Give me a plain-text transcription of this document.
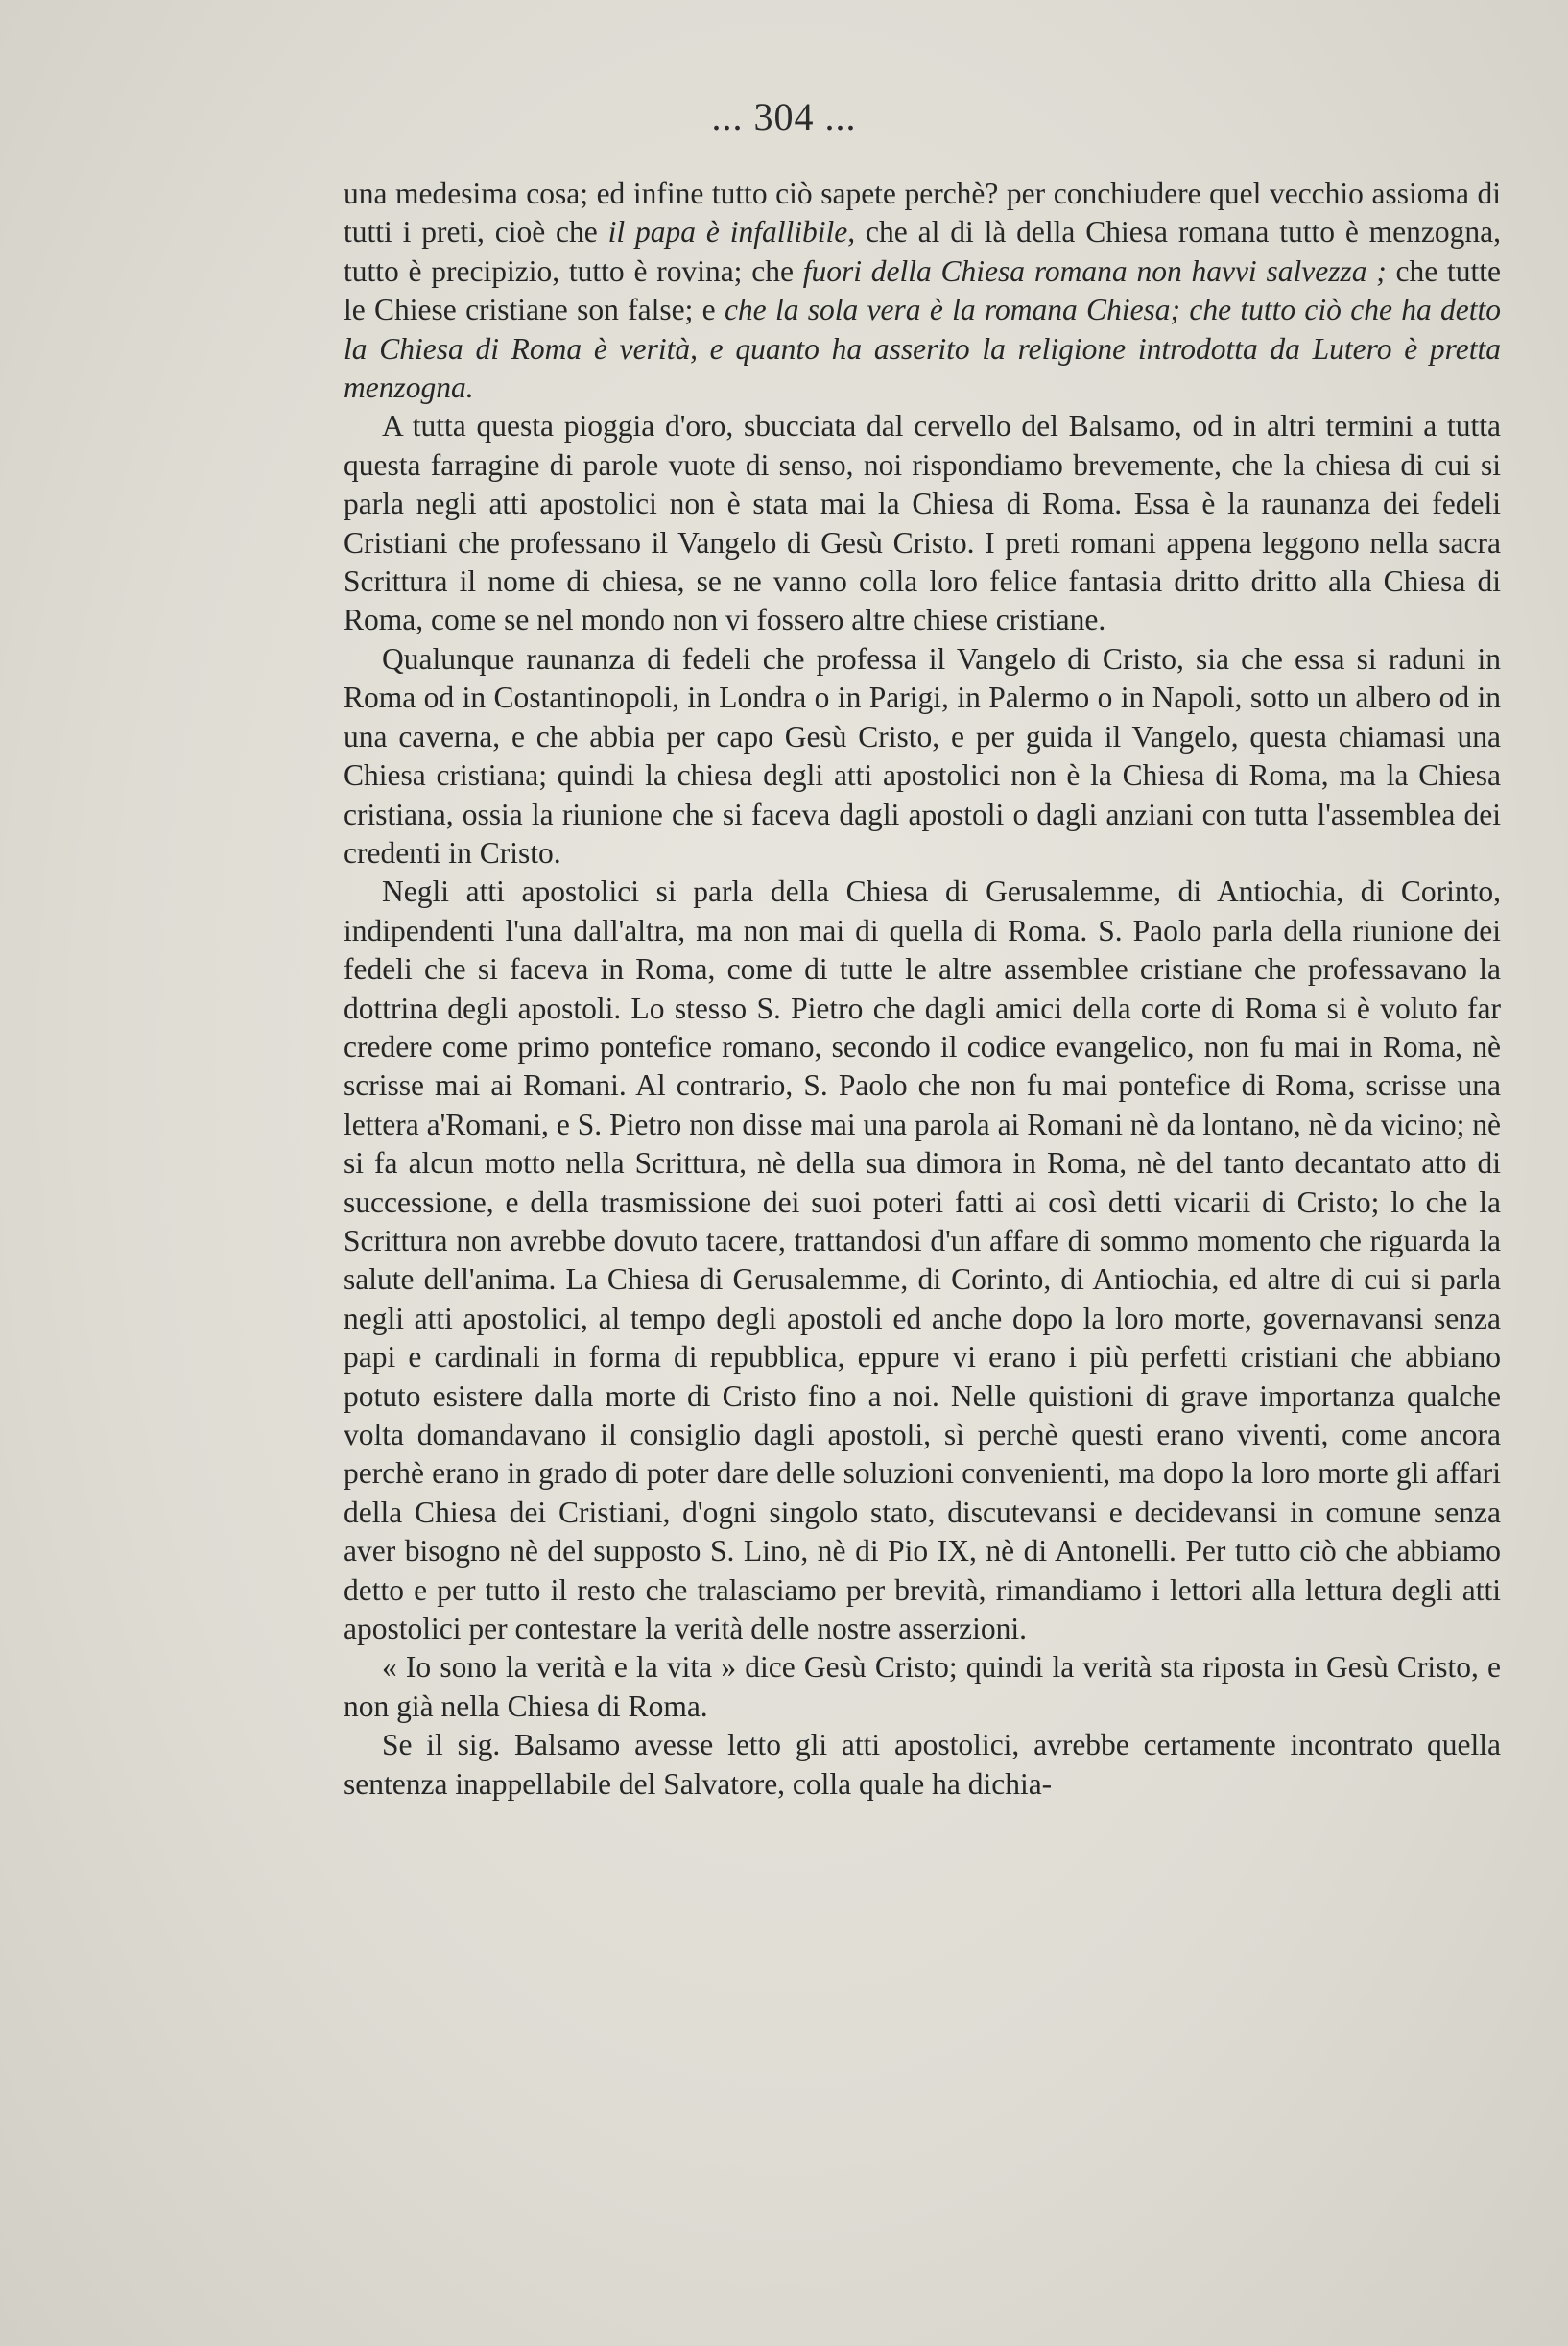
... 304 ...

una medesima cosa; ed infine tutto ciò sapete perchè? per conchiudere quel vecchio assioma di tutti i preti, cioè che il papa è infallibile, che al di là della Chiesa romana tutto è menzogna, tutto è precipizio, tutto è rovina; che fuori della Chiesa romana non havvi salvezza ; che tutte le Chiese cristiane son false; e che la sola vera è la romana Chiesa; che tutto ciò che ha detto la Chiesa di Roma è verità, e quanto ha asserito la religione introdotta da Lutero è pretta menzogna.

A tutta questa pioggia d'oro, sbucciata dal cervello del Balsamo, od in altri termini a tutta questa farragine di parole vuote di senso, noi rispondiamo brevemente, che la chiesa di cui si parla negli atti apostolici non è stata mai la Chiesa di Roma. Essa è la raunanza dei fedeli Cristiani che professano il Vangelo di Gesù Cristo. I preti romani appena leggono nella sacra Scrittura il nome di chiesa, se ne vanno colla loro felice fantasia dritto dritto alla Chiesa di Roma, come se nel mondo non vi fossero altre chiese cristiane.

Qualunque raunanza di fedeli che professa il Vangelo di Cristo, sia che essa si raduni in Roma od in Costantinopoli, in Londra o in Parigi, in Palermo o in Napoli, sotto un albero od in una caverna, e che abbia per capo Gesù Cristo, e per guida il Vangelo, questa chiamasi una Chiesa cristiana; quindi la chiesa degli atti apostolici non è la Chiesa di Roma, ma la Chiesa cristiana, ossia la riunione che si faceva dagli apostoli o dagli anziani con tutta l'assemblea dei credenti in Cristo.

Negli atti apostolici si parla della Chiesa di Gerusalemme, di Antiochia, di Corinto, indipendenti l'una dall'altra, ma non mai di quella di Roma. S. Paolo parla della riunione dei fedeli che si faceva in Roma, come di tutte le altre assemblee cristiane che professavano la dottrina degli apostoli. Lo stesso S. Pietro che dagli amici della corte di Roma si è voluto far credere come primo pontefice romano, secondo il codice evangelico, non fu mai in Roma, nè scrisse mai ai Romani. Al contrario, S. Paolo che non fu mai pontefice di Roma, scrisse una lettera a'Romani, e S. Pietro non disse mai una parola ai Romani nè da lontano, nè da vicino; nè si fa alcun motto nella Scrittura, nè della sua dimora in Roma, nè del tanto decantato atto di successione, e della trasmissione dei suoi poteri fatti ai così detti vicarii di Cristo; lo che la Scrittura non avrebbe dovuto tacere, trattandosi d'un affare di sommo momento che riguarda la salute dell'anima. La Chiesa di Gerusalemme, di Corinto, di Antiochia, ed altre di cui si parla negli atti apostolici, al tempo degli apostoli ed anche dopo la loro morte, governavansi senza papi e cardinali in forma di repubblica, eppure vi erano i più perfetti cristiani che abbiano potuto esistere dalla morte di Cristo fino a noi. Nelle quistioni di grave importanza qualche volta domandavano il consiglio dagli apostoli, sì perchè questi erano viventi, come ancora perchè erano in grado di poter dare delle soluzioni convenienti, ma dopo la loro morte gli affari della Chiesa dei Cristiani, d'ogni singolo stato, discutevansi e decidevansi in comune senza aver bisogno nè del supposto S. Lino, nè di Pio IX, nè di Antonelli. Per tutto ciò che abbiamo detto e per tutto il resto che tralasciamo per brevità, rimandiamo i lettori alla lettura degli atti apostolici per contestare la verità delle nostre asserzioni.

« Io sono la verità e la vita » dice Gesù Cristo; quindi la verità sta riposta in Gesù Cristo, e non già nella Chiesa di Roma.

Se il sig. Balsamo avesse letto gli atti apostolici, avrebbe certamente incontrato quella sentenza inappellabile del Salvatore, colla quale ha dichia-
